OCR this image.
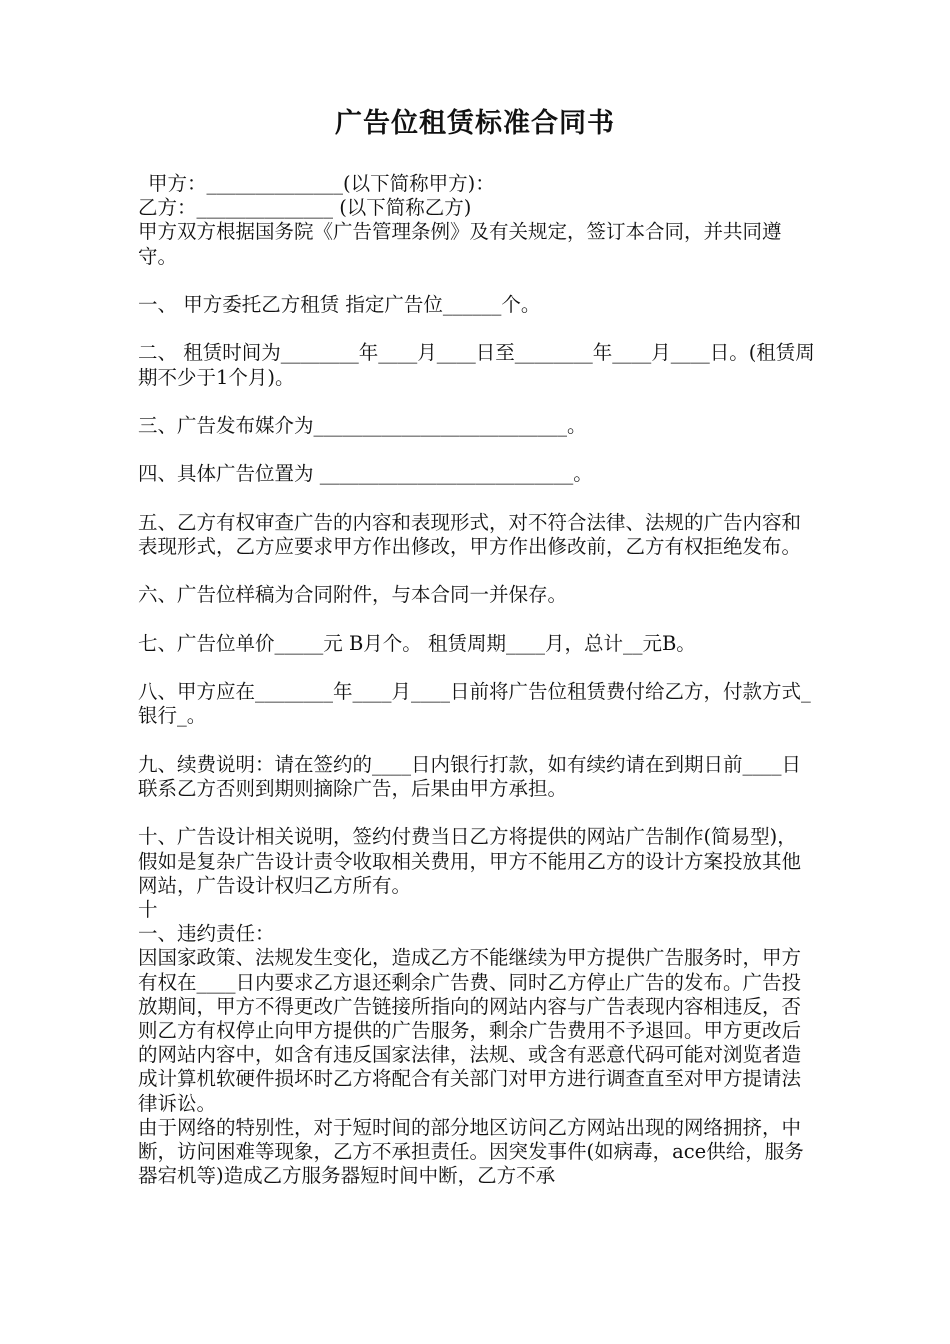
广告位租赁标准合同书

甲方：______________(以下简称甲方)：

乙方：______________ (以下简称乙方)

甲方双方根据国务院《广告管理条例》及有关规定，签订本合同，并共同遵守。

一、 甲方委托乙方租赁 指定广告位______个。

二、 租赁时间为________年____月____日至________年____月____日。(租赁周期不少于1个月)。

三、广告发布媒介为__________________________。

四、具体广告位置为 __________________________。

五、乙方有权审查广告的内容和表现形式，对不符合法律、法规的广告内容和表现形式，乙方应要求甲方作出修改，甲方作出修改前，乙方有权拒绝发布。

六、广告位样稿为合同附件，与本合同一并保存。

七、广告位单价_____元 B月个。 租赁周期____月，总计__元B。

八、甲方应在________年____月____日前将广告位租赁费付给乙方，付款方式_银行_。

九、续费说明：请在签约的____日内银行打款，如有续约请在到期日前____日联系乙方否则到期则摘除广告，后果由甲方承担。

十、广告设计相关说明，签约付费当日乙方将提供的网站广告制作(简易型)，假如是复杂广告设计责令收取相关费用，甲方不能用乙方的设计方案投放其他网站，广告设计权归乙方所有。

十

一、违约责任：

因国家政策、法规发生变化，造成乙方不能继续为甲方提供广告服务时，甲方有权在____日内要求乙方退还剩余广告费、同时乙方停止广告的发布。广告投放期间，甲方不得更改广告链接所指向的网站内容与广告表现内容相违反，否则乙方有权停止向甲方提供的广告服务，剩余广告费用不予退回。甲方更改后的网站内容中，如含有违反国家法律，法规、或含有恶意代码可能对浏览者造成计算机软硬件损坏时乙方将配合有关部门对甲方进行调查直至对甲方提请法律诉讼。

由于网络的特别性，对于短时间的部分地区访问乙方网站出现的网络拥挤，中断，访问困难等现象，乙方不承担责任。因突发事件(如病毒，ace供给，服务器宕机等)造成乙方服务器短时间中断，乙方不承
